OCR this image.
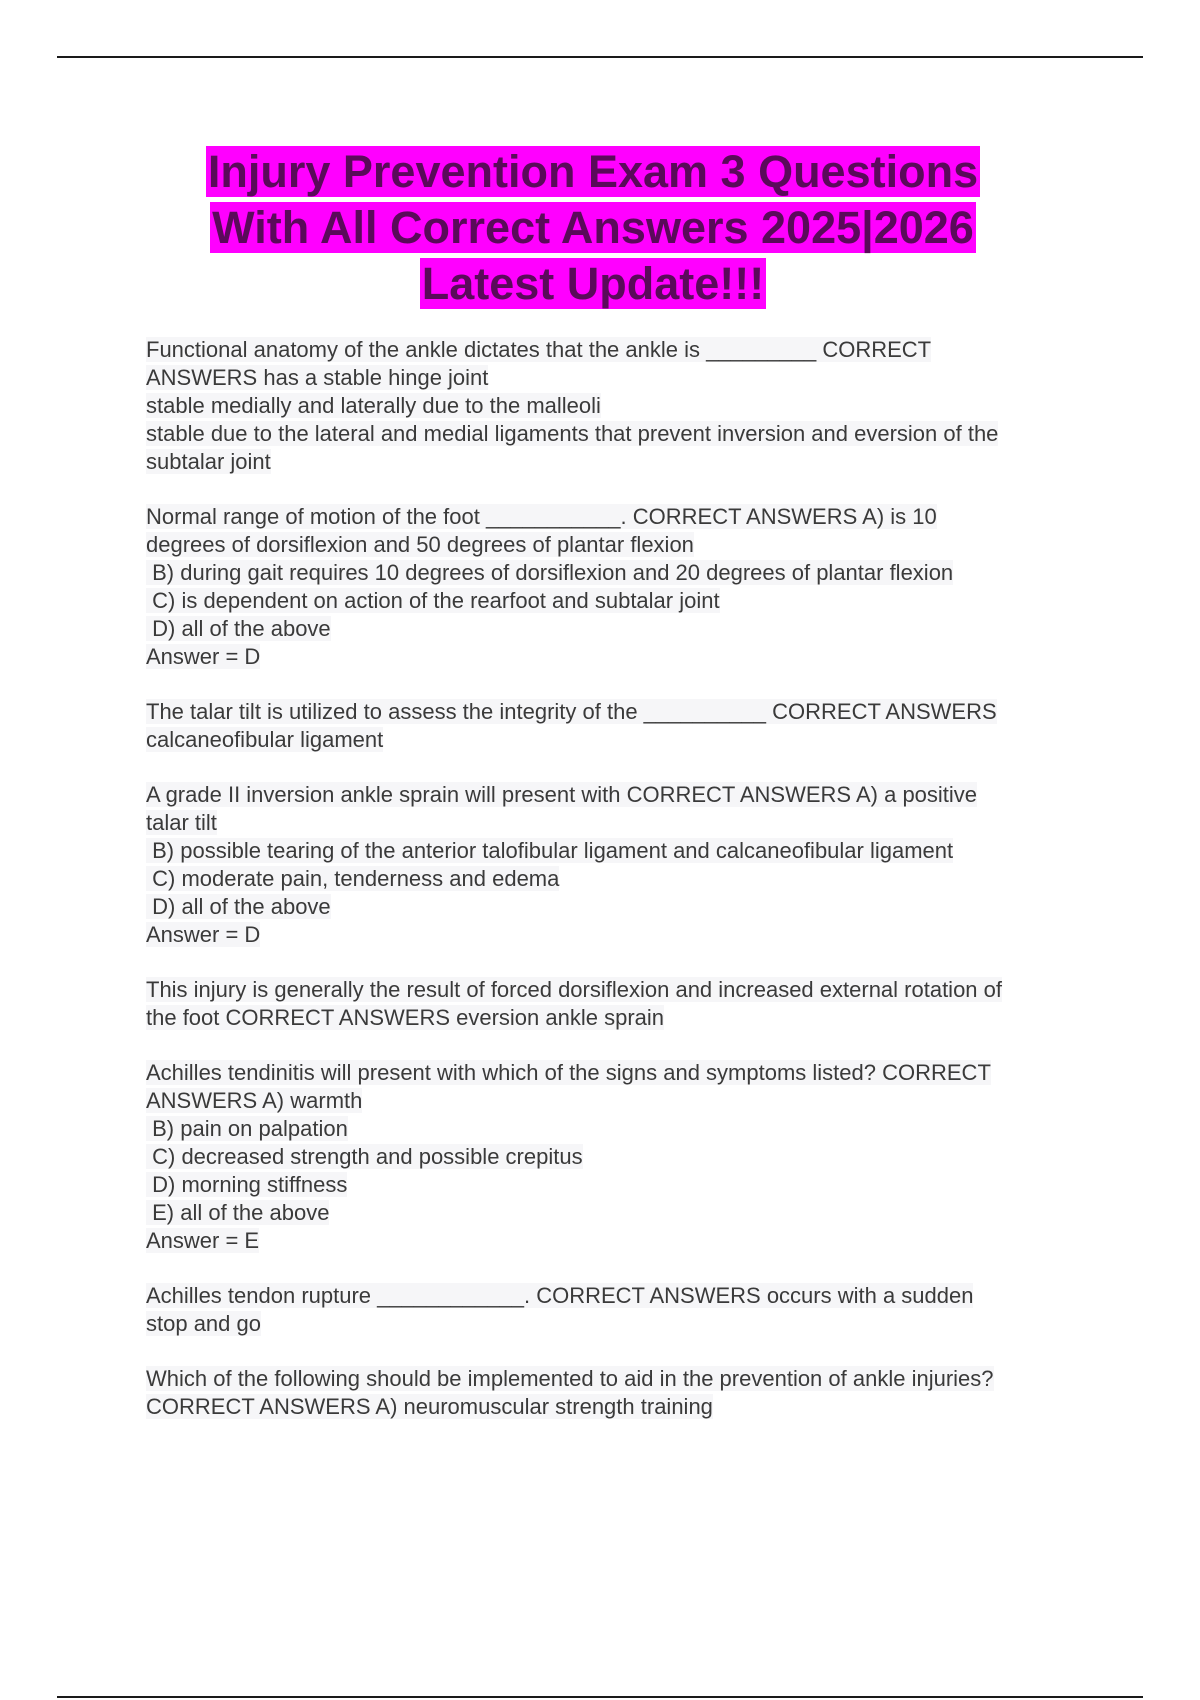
Injury Prevention Exam 3 Questions
With All Correct Answers 2025|2026
Latest Update!!!
Functional anatomy of the ankle dictates that the ankle is _________ CORRECT
ANSWERS has a stable hinge joint
stable medially and laterally due to the malleoli
stable due to the lateral and medial ligaments that prevent inversion and eversion of the
subtalar joint
Normal range of motion of the foot ___________. CORRECT ANSWERS A) is 10
degrees of dorsiflexion and 50 degrees of plantar flexion
B) during gait requires 10 degrees of dorsiflexion and 20 degrees of plantar flexion
C) is dependent on action of the rearfoot and subtalar joint
D) all of the above
Answer = D
The talar tilt is utilized to assess the integrity of the __________ CORRECT ANSWERS
calcaneofibular ligament
A grade II inversion ankle sprain will present with CORRECT ANSWERS A) a positive
talar tilt
B) possible tearing of the anterior talofibular ligament and calcaneofibular ligament
C) moderate pain, tenderness and edema
D) all of the above
Answer = D
This injury is generally the result of forced dorsiflexion and increased external rotation of
the foot CORRECT ANSWERS eversion ankle sprain
Achilles tendinitis will present with which of the signs and symptoms listed? CORRECT
ANSWERS A) warmth
B) pain on palpation
C) decreased strength and possible crepitus
D) morning stiffness
E) all of the above
Answer = E
Achilles tendon rupture ____________. CORRECT ANSWERS occurs with a sudden
stop and go
Which of the following should be implemented to aid in the prevention of ankle injuries?
CORRECT ANSWERS A) neuromuscular strength training
